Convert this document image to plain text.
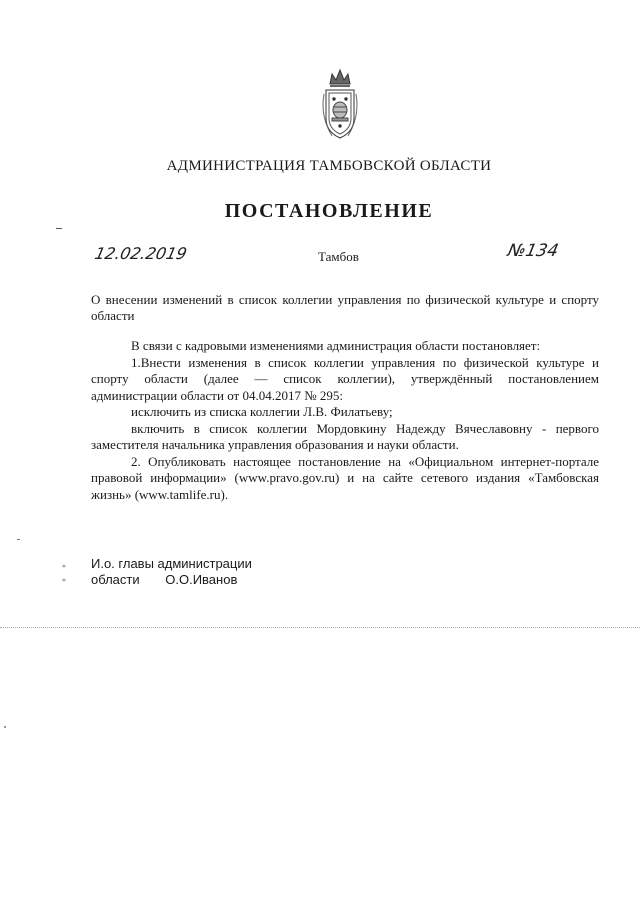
АДМИНИСТРАЦИЯ ТАМБОВСКОЙ ОБЛАСТИ
ПОСТАНОВЛЕНИЕ
12.02.2019	Тамбов	№134
О внесении изменений в список коллегии управления по физической культуре и спорту области

В связи с кадровыми изменениями администрация области постановляет:

1.Внести изменения в список коллегии управления по физической культуре и спорту области (далее — список коллегии), утверждённый постановлением администрации области от 04.04.2017 № 295:

исключить из списка коллегии Л.В. Филатьеву;

включить в список коллегии Мордовкину Надежду Вячеславовну - первого заместителя начальника управления образования и науки области.

2. Опубликовать настоящее постановление на «Официальном интернет-портале правовой информации» (www.pravo.gov.ru) и на сайте сетевого издания «Тамбовская жизнь» (www.tamlife.ru).

*
*
И.о. главы администрации
области О.О.Иванов
